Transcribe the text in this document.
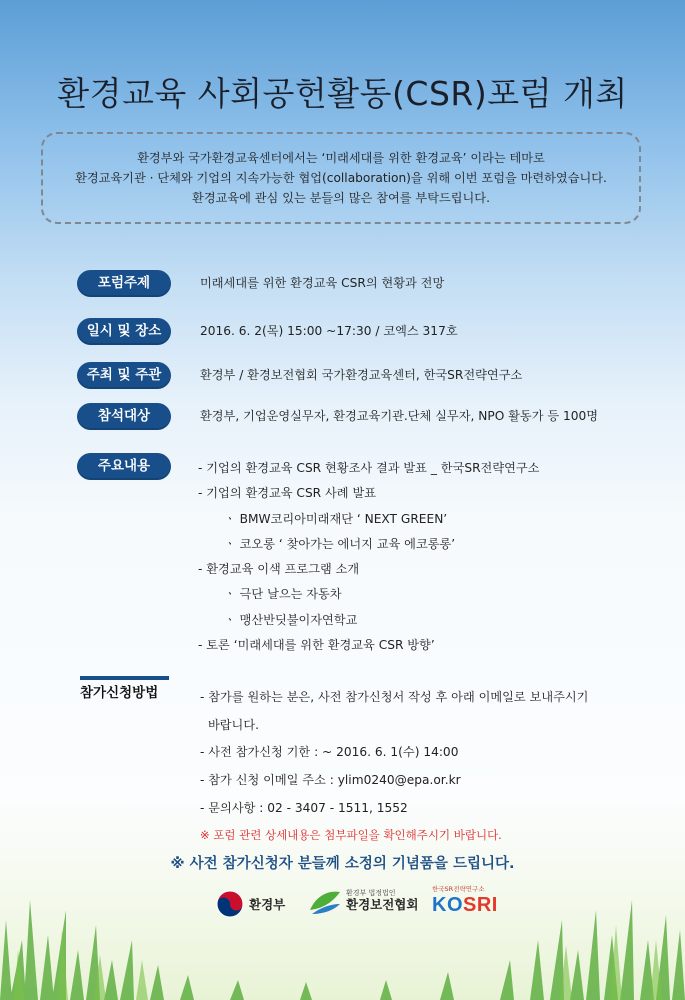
환경교육 사회공헌활동(CSR)포럼 개최
환경부와 국가환경교육센터에서는 ‘미래세대를 위한 환경교육’ 이라는 테마로
환경교육기관 · 단체와 기업의 지속가능한 협업(collaboration)을 위해 이번 포럼을 마련하였습니다.
환경교육에 관심 있는 분들의 많은 참여를 부탁드립니다.
포럼주제	미래세대를 위한 환경교육 CSR의 현황과 전망
일시 및 장소	2016. 6. 2(목) 15:00 ~17:30 / 코엑스 317호
주최 및 주관	환경부 / 환경보전협회 국가환경교육센터, 한국SR전략연구소
참석대상	환경부, 기업운영실무자, 환경교육기관.단체 실무자, NPO 활동가 등 100명
주요내용	- 기업의 환경교육 CSR 현황조사 결과 발표 _ 한국SR전략연구소
- 기업의 환경교육 CSR 사례 발표
ㆍ BMW코리아미래재단 ‘ NEXT GREEN’
ㆍ 코오롱 ‘ 찾아가는 에너지 교육 에코롱롱’
- 환경교육 이색 프로그램 소개
ㆍ 극단 날으는 자동차
ㆍ 맹산반딧불이자연학교
- 토론 ‘미래세대를 위한 환경교육 CSR 방향’
참가신청방법	- 참가를 원하는 분은, 사전 참가신청서 작성 후 아래 이메일로 보내주시기
바랍니다.
- 사전 참가신청 기한 : ~ 2016. 6. 1(수) 14:00
- 참가 신청 이메일 주소 : ylim0240@epa.or.kr
- 문의사항 : 02 - 3407 - 1511, 1552
※ 포럼 관련 상세내용은 첨부파일을 확인해주시기 바랍니다.
※ 사전 참가신청자 분들께 소정의 기념품을 드립니다.
환경부
환경부 법정법인
환경보전협회
한국SR전략연구소
KOSRI
